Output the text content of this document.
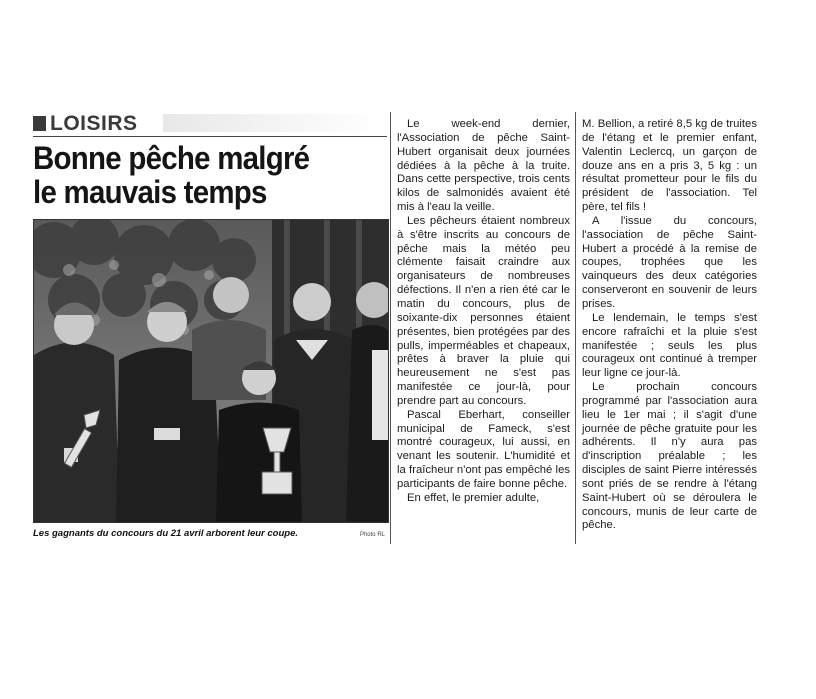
LOISIRS
Bonne pêche malgré
le mauvais temps
Les gagnants du concours du 21 avril arborent leur coupe.	Photo RL

Le week-end dernier, l'Association de pêche Saint-Hubert organisait deux journées dédiées à la pêche à la truite. Dans cette perspective, trois cents kilos de salmonidés avaient été mis à l'eau la veille.

Les pêcheurs étaient nombreux à s'être inscrits au concours de pêche mais la météo peu clémente faisait craindre aux organisateurs de nombreuses défections. Il n'en a rien été car le matin du concours, plus de soixante-dix personnes étaient présentes, bien protégées par des pulls, imperméables et chapeaux, prêtes à braver la pluie qui heureusement ne s'est pas manifestée ce jour-là, pour prendre part au concours.

Pascal Eberhart, conseiller municipal de Fameck, s'est montré courageux, lui aussi, en venant les soutenir. L'humidité et la fraîcheur n'ont pas empêché les participants de faire bonne pêche.

En effet, le premier adulte,

M. Bellion, a retiré 8,5 kg de truites de l'étang et le premier enfant, Valentin Leclercq, un garçon de douze ans en a pris 3, 5 kg : un résultat prometteur pour le fils du président de l'association. Tel père, tel fils !

A l'issue du concours, l'association de pêche Saint-Hubert a procédé à la remise de coupes, trophées que les vainqueurs des deux catégories conserveront en souvenir de leurs prises.

Le lendemain, le temps s'est encore rafraîchi et la pluie s'est manifestée ; seuls les plus courageux ont continué à tremper leur ligne ce jour-là.

Le prochain concours programmé par l'association aura lieu le 1er mai ; il s'agit d'une journée de pêche gratuite pour les adhérents. Il n'y aura pas d'inscription préalable ; les disciples de saint Pierre intéressés sont priés de se rendre à l'étang Saint-Hubert où se déroulera le concours, munis de leur carte de pêche.
